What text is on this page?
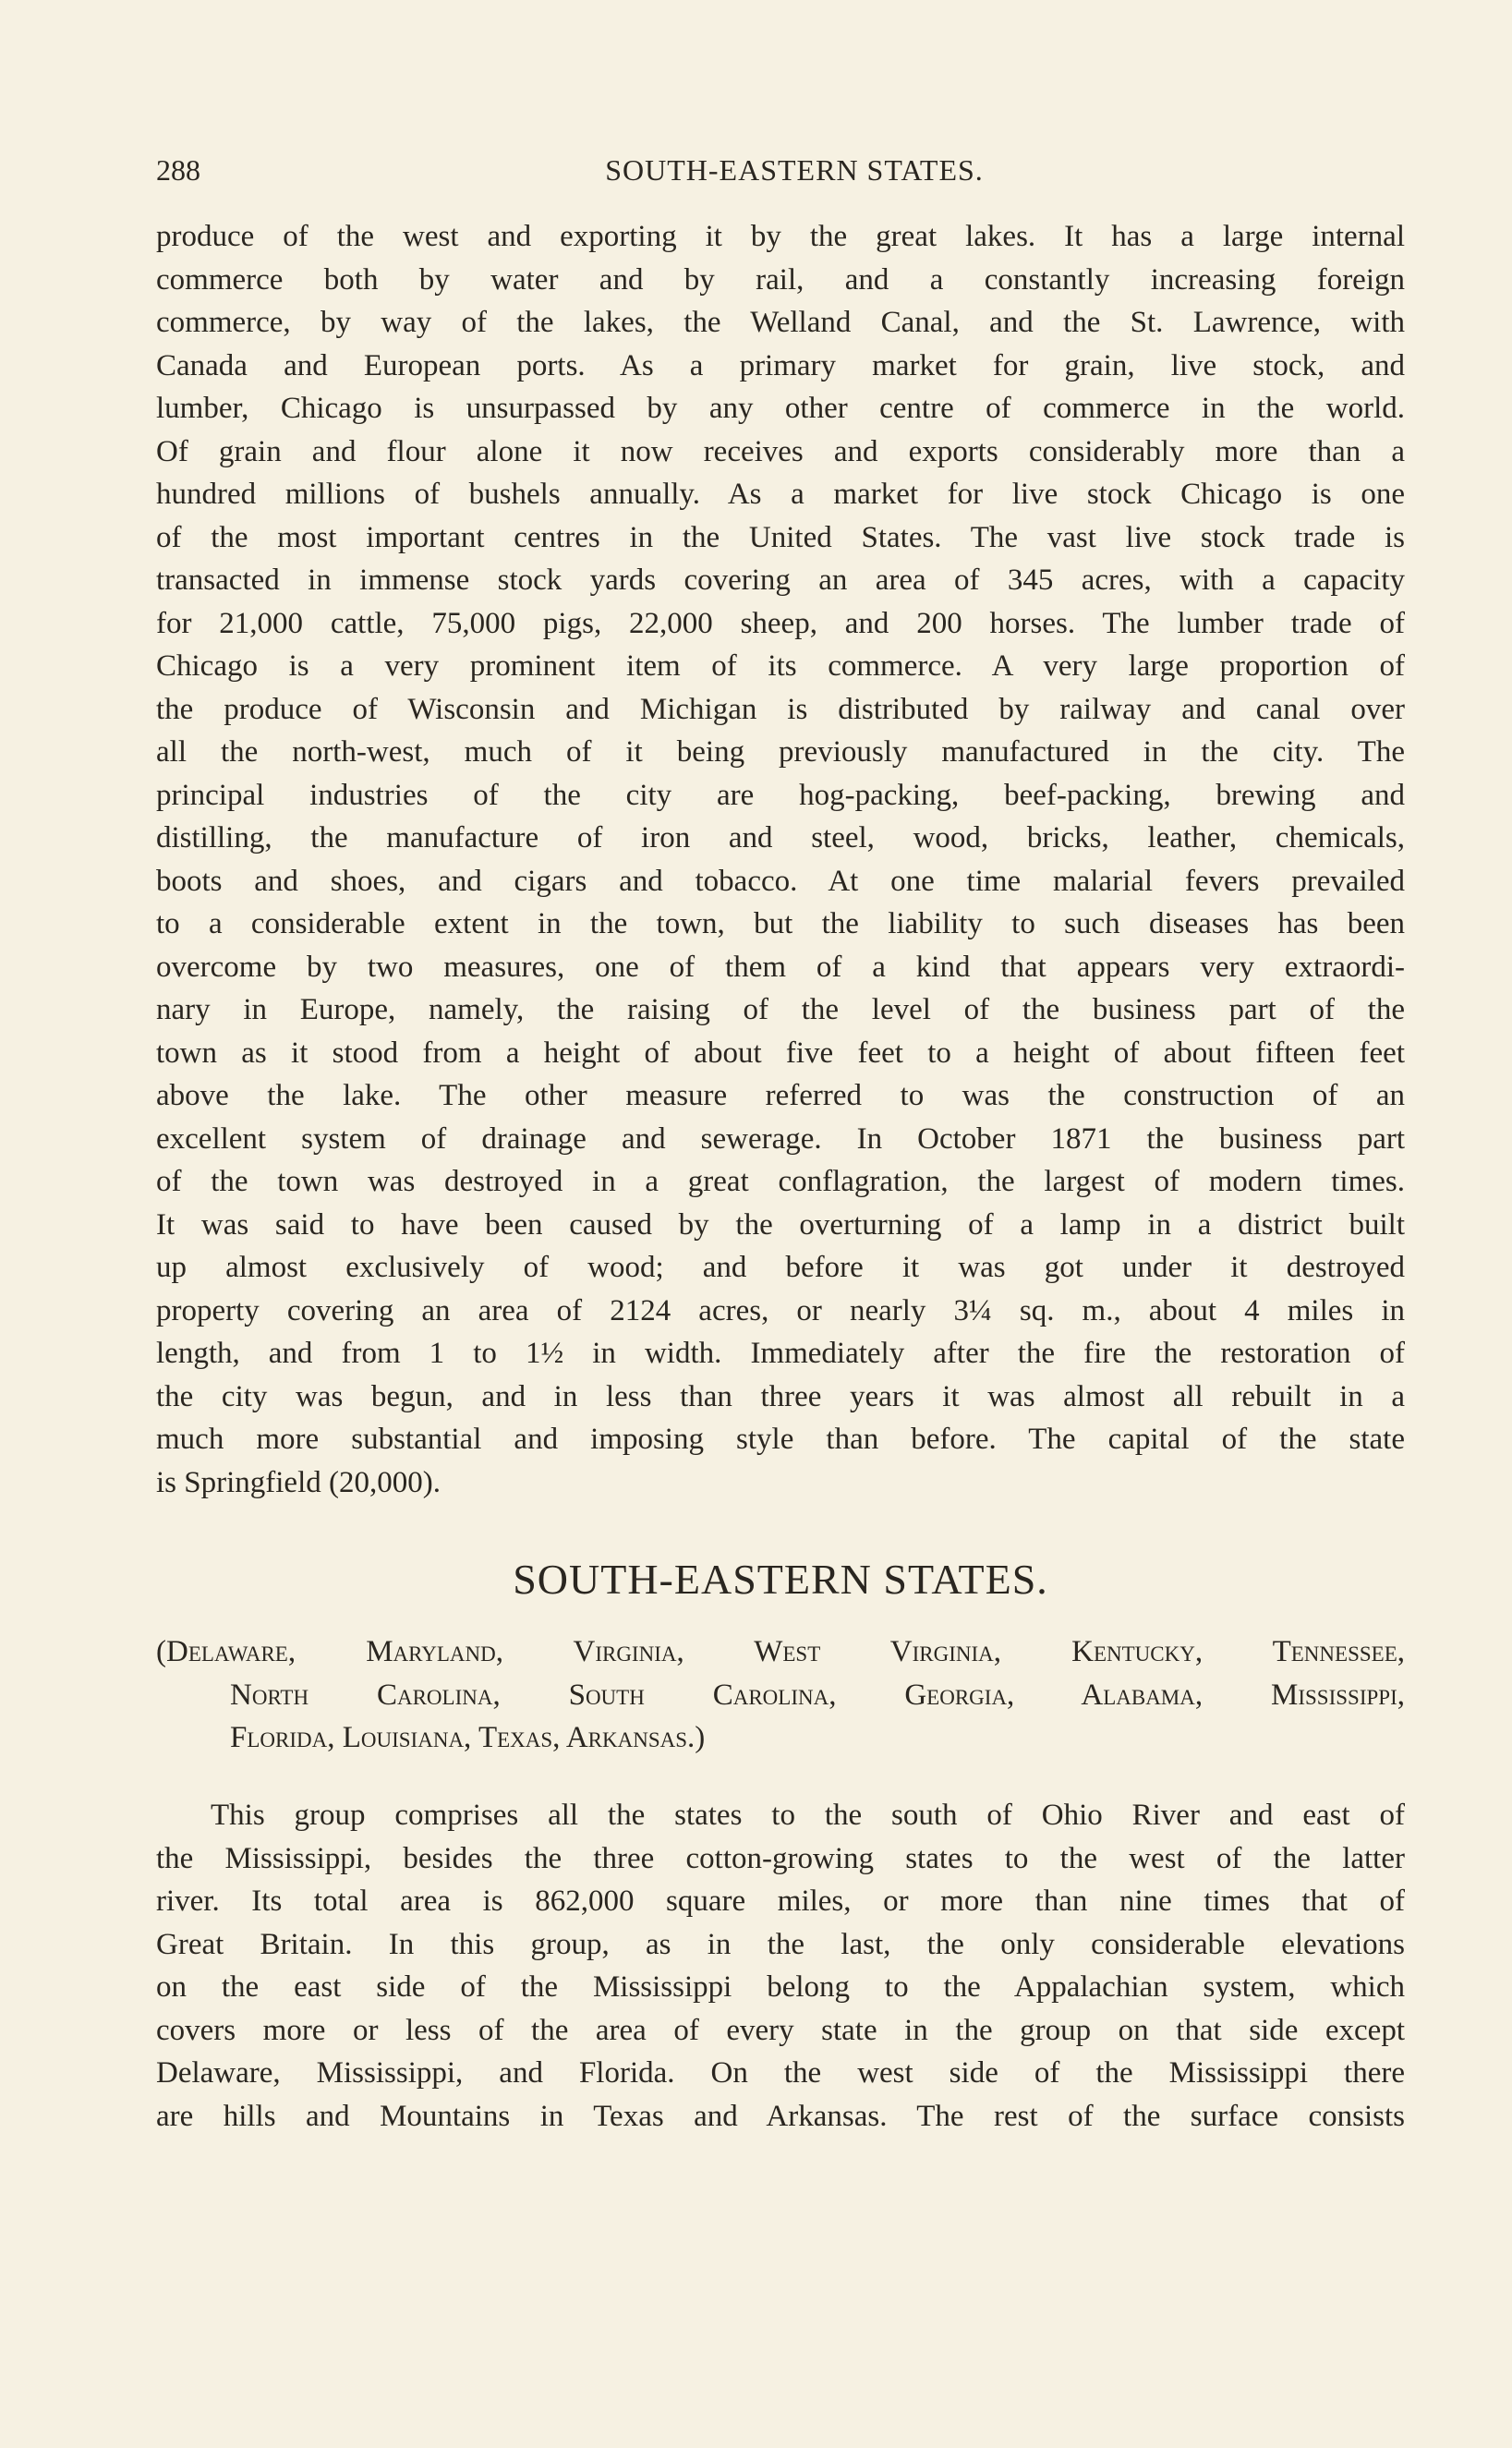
288	SOUTH-EASTERN STATES.
produce of the west and exporting it by the great lakes. It has a large internal
commerce both by water and by rail, and a constantly increasing foreign
commerce, by way of the lakes, the Welland Canal, and the St. Lawrence, with
Canada and European ports. As a primary market for grain, live stock, and
lumber, Chicago is unsurpassed by any other centre of commerce in the world.
Of grain and flour alone it now receives and exports considerably more than a
hundred millions of bushels annually. As a market for live stock Chicago is one
of the most important centres in the United States. The vast live stock trade is
transacted in immense stock yards covering an area of 345 acres, with a capacity
for 21,000 cattle, 75,000 pigs, 22,000 sheep, and 200 horses. The lumber trade of
Chicago is a very prominent item of its commerce. A very large proportion of
the produce of Wisconsin and Michigan is distributed by railway and canal over
all the north-west, much of it being previously manufactured in the city. The
principal industries of the city are hog-packing, beef-packing, brewing and
distilling, the manufacture of iron and steel, wood, bricks, leather, chemicals,
boots and shoes, and cigars and tobacco. At one time malarial fevers prevailed
to a considerable extent in the town, but the liability to such diseases has been
overcome by two measures, one of them of a kind that appears very extraordi-
nary in Europe, namely, the raising of the level of the business part of the
town as it stood from a height of about five feet to a height of about fifteen feet
above the lake. The other measure referred to was the construction of an
excellent system of drainage and sewerage. In October 1871 the business part
of the town was destroyed in a great conflagration, the largest of modern times.
It was said to have been caused by the overturning of a lamp in a district built
up almost exclusively of wood; and before it was got under it destroyed
property covering an area of 2124 acres, or nearly 3¼ sq. m., about 4 miles in
length, and from 1 to 1½ in width. Immediately after the fire the restoration of
the city was begun, and in less than three years it was almost all rebuilt in a
much more substantial and imposing style than before. The capital of the state
is Springfield (20,000).
SOUTH-EASTERN STATES.
(Delaware, Maryland, Virginia, West Virginia, Kentucky, Tennessee,
North Carolina, South Carolina, Georgia, Alabama, Mississippi,
Florida, Louisiana, Texas, Arkansas.)
This group comprises all the states to the south of Ohio River and east of
the Mississippi, besides the three cotton-growing states to the west of the latter
river. Its total area is 862,000 square miles, or more than nine times that of
Great Britain. In this group, as in the last, the only considerable elevations
on the east side of the Mississippi belong to the Appalachian system, which
covers more or less of the area of every state in the group on that side except
Delaware, Mississippi, and Florida. On the west side of the Mississippi there
are hills and Mountains in Texas and Arkansas. The rest of the surface consists
